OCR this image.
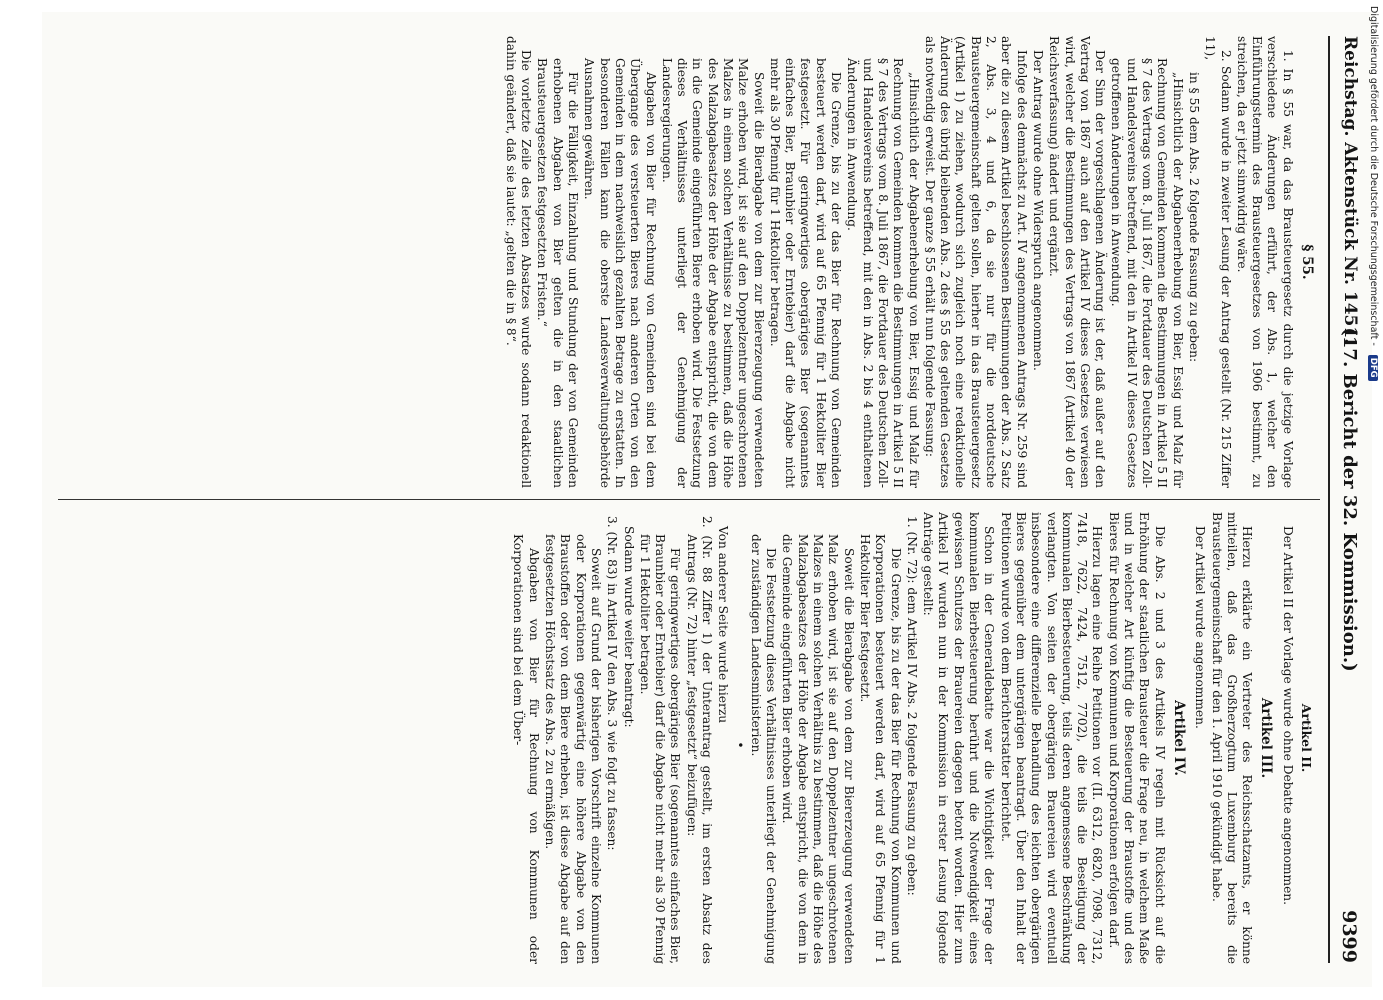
Reichstag. Aktenstück Nr. 1451.
(17. Bericht der 32. Kommission.)
9399
§ 55.

1. In § 55 war, da das Brausteuergesetz durch die jetzige Vorlage verschiedene Änderungen erführt, der Abs. 1, welcher den Einführungstermin des Brausteuergesetzes von 1906 bestimmt, zu streichen, da er jetzt sinnwidrig wäre.

2. Sodann wurde in zweiter Lesung der Antrag gestellt (Nr. 215 Ziffer 11),

in § 55 dem Abs. 2 folgende Fassung zu geben:

„Hinsichtlich der Abgabenerhebung von Bier, Essig und Malz für Rechnung von Gemeinden kommen die Bestimmungen in Artikel 5 II § 7 des Vertrags vom 8. Juli 1867, die Fortdauer des Deutschen Zoll- und Handelsvereins betreffend, mit den in Artikel IV dieses Gesetzes getroffenen Änderungen in Anwendung.

Der Sinn der vorgeschlagenen Änderung ist der, daß außer auf den Vertrag von 1867 auch auf den Artikel IV dieses Gesetzes verwiesen wird, welcher die Bestimmungen des Vertrags von 1867 (Artikel 40 der Reichsverfassung) ändert und ergänzt.

Der Antrag wurde ohne Widerspruch angenommen.

Infolge des demnächst zu Art. IV angenommenen Antrags Nr. 259 sind aber die zu diesem Artikel beschlossenen Bestimmungen der Abs. 2 Satz 2, Abs. 3, 4 und 6, da sie nur für die norddeutsche Brausteuergemeinschaft gelten sollen, hierher in das Brausteuergesetz (Artikel 1) zu ziehen, wodurch sich zugleich noch eine redaktionelle Änderung des übrig bleibenden Abs. 2 des § 55 des geltenden Gesetzes als notwendig erweist. Der ganze § 55 erhält nun folgende Fassung:

„Hinsichtlich der Abgabenerhebung von Bier, Essig und Malz für Rechnung von Gemeinden kommen die Bestimmungen in Artikel 5 II § 7 des Vertrags vom 8. Juli 1867, die Fortdauer des Deutschen Zoll- und Handelsvereins betreffend, mit den in Abs. 2 bis 4 enthaltenen Änderungen in Anwendung.

Die Grenze, bis zu der das Bier für Rechnung von Gemeinden besteuert werden darf, wird auf 65 Pfennig für 1 Hektoliter Bier festgesetzt. Für geringwertiges obergäriges Bier (sogenanntes einfaches Bier, Braunbier oder Erntebier) darf die Abgabe nicht mehr als 30 Pfennig für 1 Hektoliter betragen.

Soweit die Bierabgabe von dem zur Biererzeugung verwendeten Malze erhoben wird, ist sie auf den Doppelzentner ungeschrotenen Malzes in einem solchen Verhältnisse zu bestimmen, daß die Höhe des Malzabgabesatzes der Höhe der Abgabe entspricht, die von dem in die Gemeinde eingeführten Biere erhoben wird. Die Festsetzung dieses Verhältnisses unterliegt der Genehmigung der Landesregierungen.

Abgaben von Bier für Rechnung von Gemeinden sind bei dem Übergange des versteuerten Bieres nach anderen Orten von den Gemeinden in dem nachweislich gezahlten Betrage zu erstatten. In besonderen Fällen kann die oberste Landesverwaltungsbehörde Ausnahmen gewähren.

Für die Fälligkeit, Einzahlung und Stundung der von Gemeinden erhobenen Abgaben von Bier gelten die in den staatlichen Brausteuergesetzen festgesetzten Fristen.“

Die vorletzte Zeile des letzten Absatzes wurde sodann redaktionell dahin geändert, daß sie lautet: „gelten die in § 8“.

Artikel II.

Der Artikel II der Vorlage wurde ohne Debatte angenommen.

Artikel III.

Hierzu erklärte ein Vertreter des Reichsschatzamts, er könne mitteilen, daß das Großherzogtum Luxemburg bereits die Brausteuergemeinschaft für den 1. April 1910 gekündigt habe.

Der Artikel wurde angenommen.

Artikel IV.

Die Abs. 2 und 3 des Artikels IV regeln mit Rücksicht auf die Erhöhung der staatlichen Brausteuer die Frage neu, in welchem Maße und in welcher Art künftig die Besteuerung der Braustoffe und des Bieres für Rechnung von Kommunen und Korporationen erfolgen darf.

Hierzu lagen eine Reihe Petitionen vor (II. 6312, 6820, 7098, 7312, 7418, 7622, 7424, 7512, 7702), die teils die Beseitigung der kommunalen Bierbesteuerung, teils deren angemessene Beschränkung verlangten. Von seiten der obergärigen Brauereien wird eventuell insbesondere eine differenzielle Behandlung des leichten obergärigen Bieres gegenüber dem untergärigen beantragt. Über den Inhalt der Petitionen wurde von dem Berichterstatter berichtet.

Schon in der Generaldebatte war die Wichtigkeit der Frage der kommunalen Bierbesteuerung berührt und die Notwendigkeit eines gewissen Schutzes der Brauereien dagegen betont worden. Hier zum Artikel IV wurden nun in der Kommission in erster Lesung folgende Anträge gestellt:

1. (Nr. 72): dem Artikel IV Abs. 2 folgende Fassung zu geben:

Die Grenze, bis zu der das Bier für Rechnung von Kommunen und Korporationen besteuert werden darf, wird auf 65 Pfennig für 1 Hektoliter Bier festgesetzt.

Soweit die Bierabgabe von dem zur Biererzeugung verwendeten Malz erhoben wird, ist sie auf den Doppelzentner ungeschrotenen Malzes in einem solchen Verhältnis zu bestimmen, daß die Höhe des Malzabgabesatzes der Höhe der Abgabe entspricht, die von dem in die Gemeinde eingeführten Bier erhoben wird.

Die Festsetzung dieses Verhältnisses unterliegt der Genehmigung der zuständigen Landesministerien.

•

Von anderer Seite wurde hierzu

2. (Nr. 88 Ziffer 1) der Unterantrag gestellt, im ersten Absatz des Antrags (Nr. 72) hinter „festgesetzt“ beizufügen:

Für geringwertiges obergäriges Bier (sogenanntes einfaches Bier, Braunbier oder Erntebier) darf die Abgabe nicht mehr als 30 Pfennig für 1 Hektoliter betragen.

Sodann wurde weiter beantragt:

3. (Nr. 83) in Artikel IV den Abs. 3 wie folgt zu fassen:

Soweit auf Grund der bisherigen Vorschrift einzelne Kommunen oder Korporationen gegenwärtig eine höhere Abgabe von den Braustoffen oder von dem Biere erheben, ist diese Abgabe auf den festgesetzten Höchstsatz des Abs. 2 zu ermäßigen.

Abgaben von Bier für Rechnung von Kommunen oder Korporationen sind bei dem Über-

Digitalisierung gefördert durch die Deutsche Forschungsgemeinschaft - DFG
